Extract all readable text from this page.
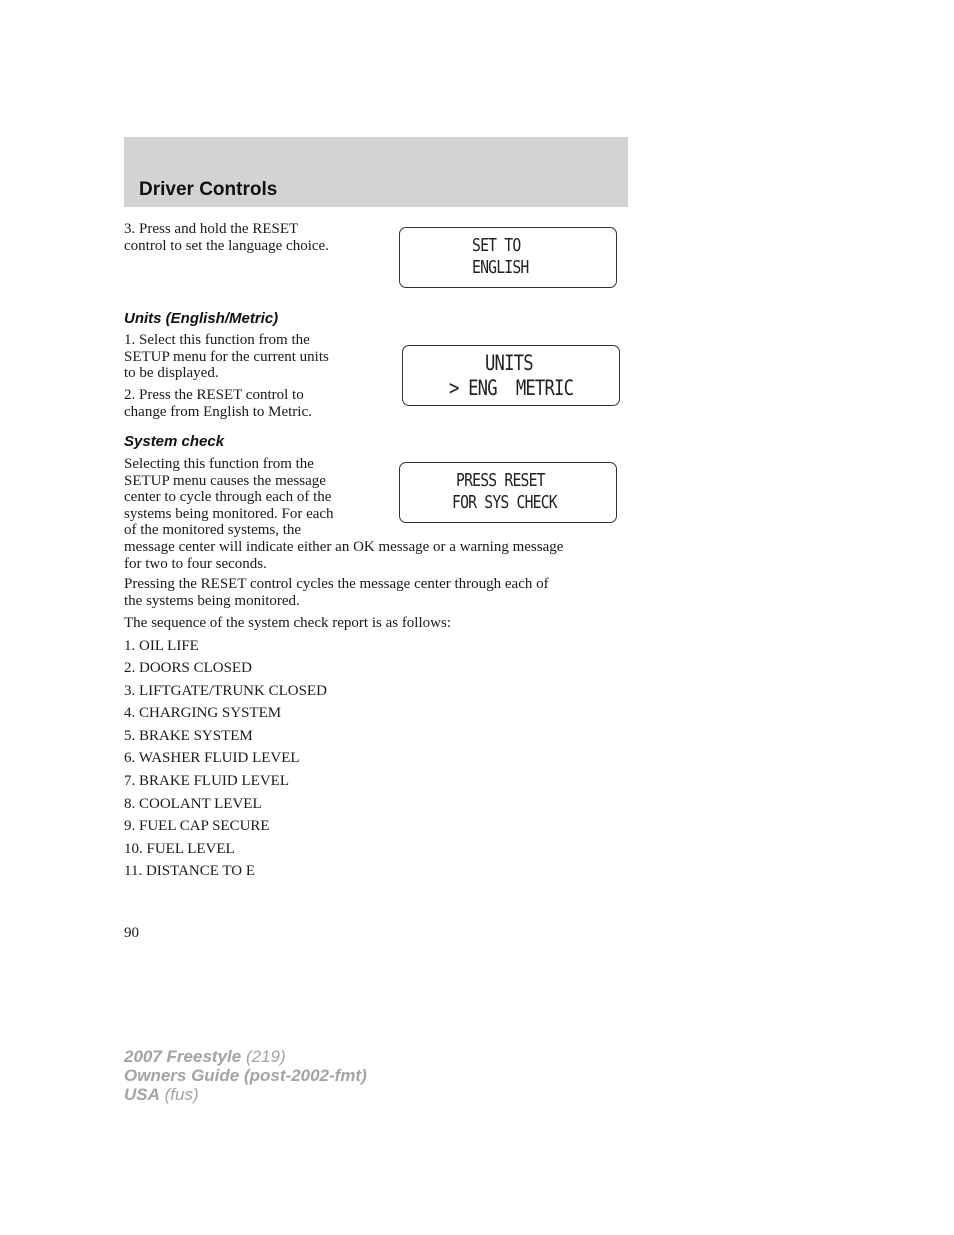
Driver Controls
3. Press and hold the RESET
control to set the language choice.	SET TO
ENGLISH
Units (English/Metric)
1. Select this function from the
SETUP menu for the current units
to be displayed.
2. Press the RESET control to
change from English to Metric.
UNITS
> ENG  METRIC
System check
Selecting this function from the
SETUP menu causes the message
center to cycle through each of the
systems being monitored. For each
of the monitored systems, the
message center will indicate either an OK message or a warning message
for two to four seconds.
PRESS RESET
FOR SYS CHECK
Pressing the RESET control cycles the message center through each of
the systems being monitored.
The sequence of the system check report is as follows:
1. OIL LIFE
2. DOORS CLOSED
3. LIFTGATE/TRUNK CLOSED
4. CHARGING SYSTEM
5. BRAKE SYSTEM
6. WASHER FLUID LEVEL
7. BRAKE FLUID LEVEL
8. COOLANT LEVEL
9. FUEL CAP SECURE
10. FUEL LEVEL
11. DISTANCE TO E
90
2007 Freestyle (219)
Owners Guide (post-2002-fmt)
USA (fus)
